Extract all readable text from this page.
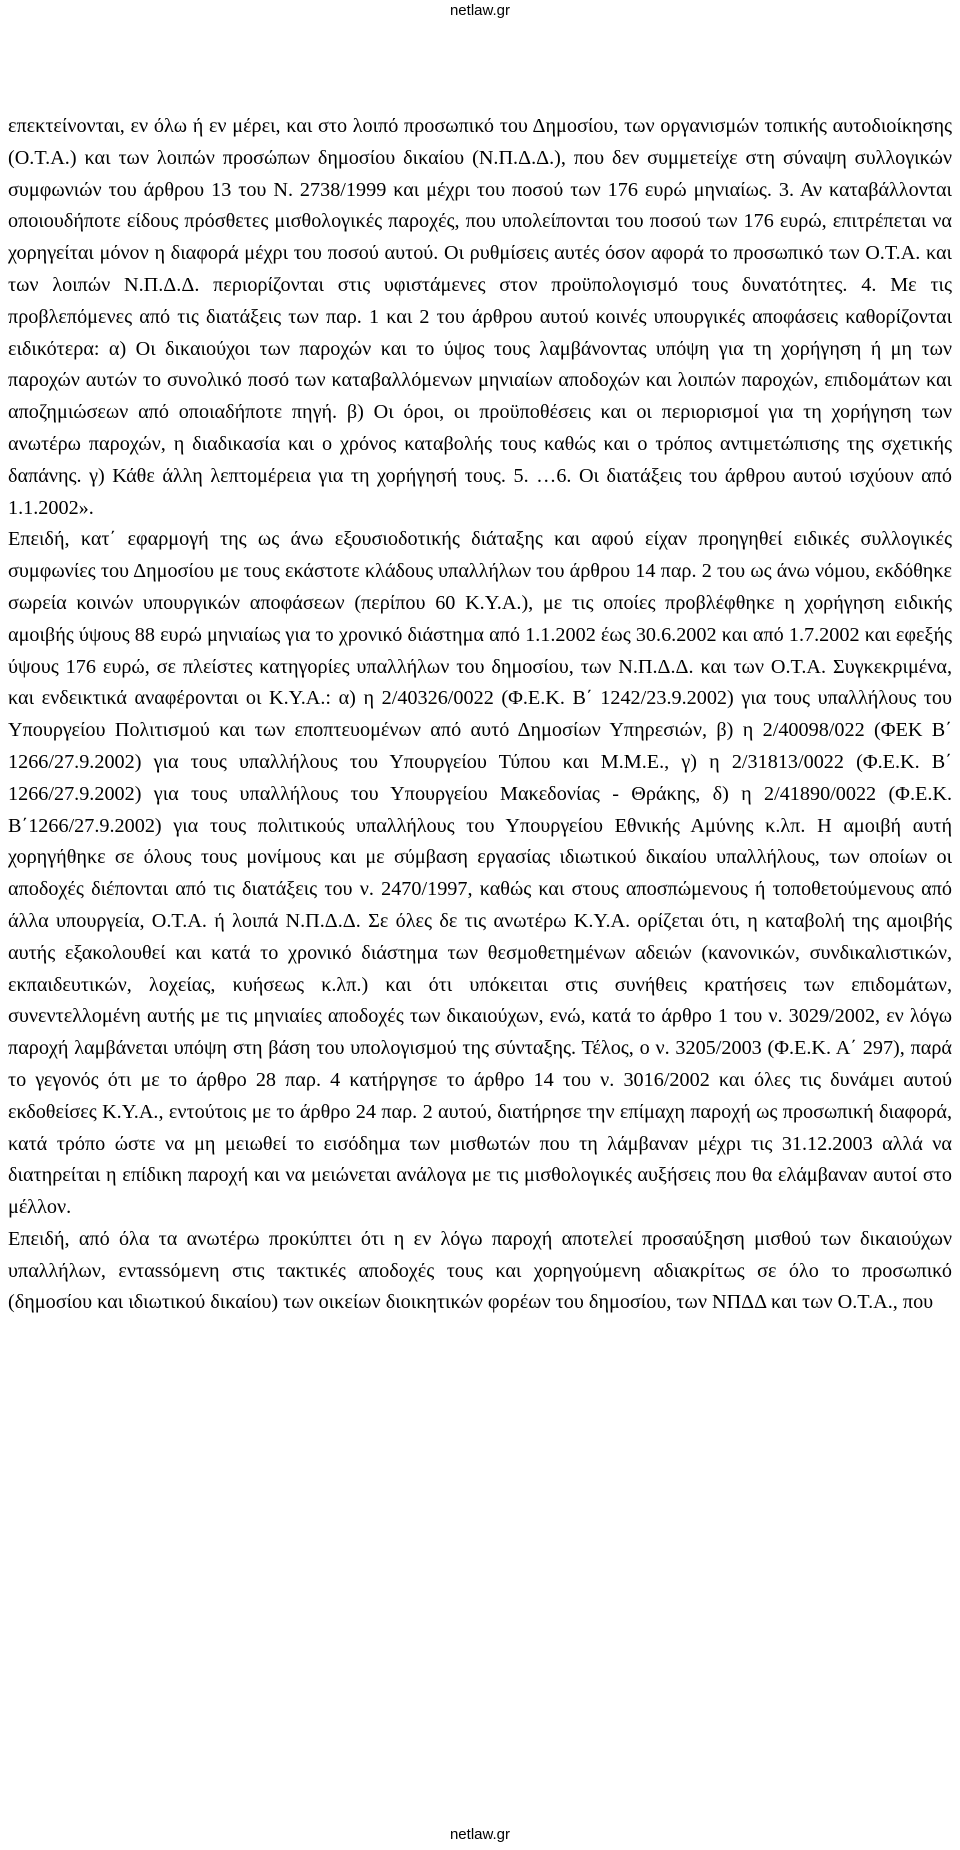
netlaw.gr

επεκτείνονται, εν όλω ή εν μέρει, και στο λοιπό προσωπικό του Δημοσίου, των οργανισμών τοπικής αυτοδιοίκησης (Ο.Τ.Α.) και των λοιπών προσώπων δημοσίου δικαίου (Ν.Π.Δ.Δ.), που δεν συμμετείχε στη σύναψη συλλογικών συμφωνιών του άρθρου 13 του Ν. 2738/1999 και μέχρι του ποσού των 176 ευρώ μηνιαίως. 3. Αν καταβάλλονται οποιουδήποτε είδους πρόσθετες μισθολογικές παροχές, που υπολείπονται του ποσού των 176 ευρώ, επιτρέπεται να χορηγείται μόνον η διαφορά μέχρι του ποσού αυτού. Οι ρυθμίσεις αυτές όσον αφορά το προσωπικό των Ο.Τ.Α. και των λοιπών Ν.Π.Δ.Δ. περιορίζονται στις υφιστάμενες στον προϋπολογισμό τους δυνατότητες. 4. Με τις προβλεπόμενες από τις διατάξεις των παρ. 1 και 2 του άρθρου αυτού κοινές υπουργικές αποφάσεις καθορίζονται ειδικότερα: α) Οι δικαιούχοι των παροχών και το ύψος τους λαμβάνοντας υπόψη για τη χορήγηση ή μη των παροχών αυτών το συνολικό ποσό των καταβαλλόμενων μηνιαίων αποδοχών και λοιπών παροχών, επιδομάτων και αποζημιώσεων από οποιαδήποτε πηγή. β) Οι όροι, οι προϋποθέσεις και οι περιορισμοί για τη χορήγηση των ανωτέρω παροχών, η διαδικασία και ο χρόνος καταβολής τους καθώς και ο τρόπος αντιμετώπισης της σχετικής δαπάνης. γ) Κάθε άλλη λεπτομέρεια για τη χορήγησή τους. 5. …6. Οι διατάξεις του άρθρου αυτού ισχύουν από 1.1.2002».

Επειδή, κατ΄ εφαρμογή της ως άνω εξουσιοδοτικής διάταξης και αφού είχαν προηγηθεί ειδικές συλλογικές συμφωνίες του Δημοσίου με τους εκάστοτε κλάδους υπαλλήλων του άρθρου 14 παρ. 2 του ως άνω νόμου, εκδόθηκε σωρεία κοινών υπουργικών αποφάσεων (περίπου 60 Κ.Υ.Α.), με τις οποίες προβλέφθηκε η χορήγηση ειδικής αμοιβής ύψους 88 ευρώ μηνιαίως για το χρονικό διάστημα από 1.1.2002 έως 30.6.2002 και από 1.7.2002 και εφεξής ύψους 176 ευρώ, σε πλείστες κατηγορίες υπαλλήλων του δημοσίου, των Ν.Π.Δ.Δ. και των Ο.Τ.Α. Συγκεκριμένα, και ενδεικτικά αναφέρονται οι Κ.Υ.Α.: α) η 2/40326/0022 (Φ.Ε.Κ. Β΄ 1242/23.9.2002) για τους υπαλλήλους του Υπουργείου Πολιτισμού και των εποπτευομένων από αυτό Δημοσίων Υπηρεσιών, β) η 2/40098/022 (ΦΕΚ Β΄ 1266/27.9.2002) για τους υπαλλήλους του Υπουργείου Τύπου και Μ.Μ.Ε., γ) η 2/31813/0022 (Φ.Ε.Κ. Β΄ 1266/27.9.2002) για τους υπαλλήλους του Υπουργείου Μακεδονίας - Θράκης, δ) η 2/41890/0022 (Φ.Ε.Κ. Β΄1266/27.9.2002) για τους πολιτικούς υπαλλήλους του Υπουργείου Εθνικής Αμύνης κ.λπ. Η αμοιβή αυτή χορηγήθηκε σε όλους τους μονίμους και με σύμβαση εργασίας ιδιωτικού δικαίου υπαλλήλους, των οποίων οι αποδοχές διέπονται από τις διατάξεις του ν. 2470/1997, καθώς και στους αποσπώμενους ή τοποθετούμενους από άλλα υπουργεία, Ο.Τ.Α. ή λοιπά Ν.Π.Δ.Δ. Σε όλες δε τις ανωτέρω Κ.Υ.Α. ορίζεται ότι, η καταβολή της αμοιβής αυτής εξακολουθεί και κατά το χρονικό διάστημα των θεσμοθετημένων αδειών (κανονικών, συνδικαλιστικών, εκπαιδευτικών, λοχείας, κυήσεως κ.λπ.) και ότι υπόκειται στις συνήθεις κρατήσεις των επιδομάτων, συνεντελλομένη αυτής με τις μηνιαίες αποδοχές των δικαιούχων, ενώ, κατά το άρθρο 1 του ν. 3029/2002, εν λόγω παροχή λαμβάνεται υπόψη στη βάση του υπολογισμού της σύνταξης. Τέλος, ο ν. 3205/2003 (Φ.Ε.Κ. Α΄ 297), παρά το γεγονός ότι με το άρθρο 28 παρ. 4 κατήργησε το άρθρο 14 του ν. 3016/2002 και όλες τις δυνάμει αυτού εκδοθείσες Κ.Υ.Α., εντούτοις με το άρθρο 24 παρ. 2 αυτού, διατήρησε την επίμαχη παροχή ως προσωπική διαφορά, κατά τρόπο ώστε να μη μειωθεί το εισόδημα των μισθωτών που τη λάμβαναν μέχρι τις 31.12.2003 αλλά να διατηρείται η επίδικη παροχή και να μειώνεται ανάλογα με τις μισθολογικές αυξήσεις που θα ελάμβαναν αυτοί στο μέλλον.

Επειδή, από όλα τα ανωτέρω προκύπτει ότι η εν λόγω παροχή αποτελεί προσαύξηση μισθού των δικαιούχων υπαλλήλων, ενταssόμενη στις τακτικές αποδοχές τους και χορηγούμενη αδιακρίτως σε όλο το προσωπικό (δημοσίου και ιδιωτικού δικαίου) των οικείων διοικητικών φορέων του δημοσίου, των ΝΠΔΔ και των Ο.Τ.Α., που

netlaw.gr
